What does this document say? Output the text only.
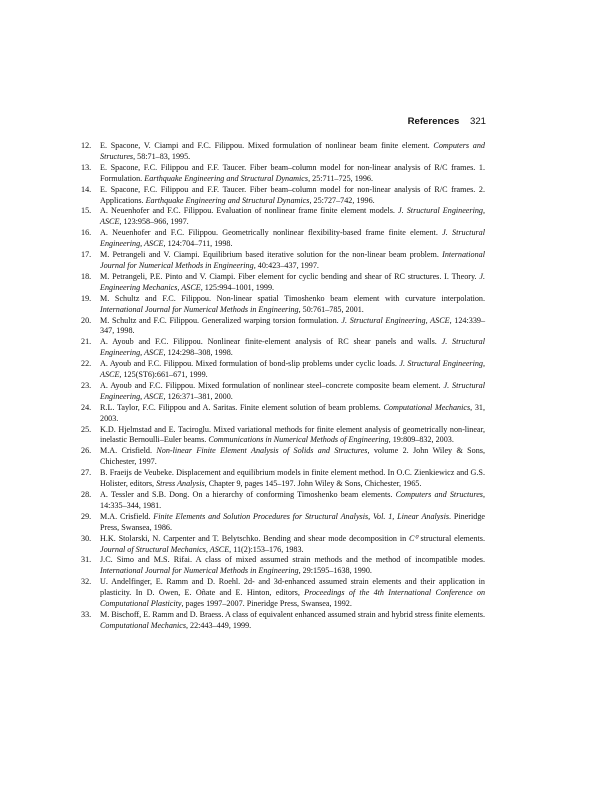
References 321
12.	E. Spacone, V. Ciampi and F.C. Filippou. Mixed formulation of nonlinear beam finite element. Computers and Structures, 58:71–83, 1995.
13.	E. Spacone, F.C. Filippou and F.F. Taucer. Fiber beam–column model for non-linear analysis of R/C frames. 1. Formulation. Earthquake Engineering and Structural Dynamics, 25:711–725, 1996.
14.	E. Spacone, F.C. Filippou and F.F. Taucer. Fiber beam–column model for non-linear analysis of R/C frames. 2. Applications. Earthquake Engineering and Structural Dynamics, 25:727–742, 1996.
15.	A. Neuenhofer and F.C. Filippou. Evaluation of nonlinear frame finite element models. J. Structural Engineering, ASCE, 123:958–966, 1997.
16.	A. Neuenhofer and F.C. Filippou. Geometrically nonlinear flexibility-based frame finite element. J. Structural Engineering, ASCE, 124:704–711, 1998.
17.	M. Petrangeli and V. Ciampi. Equilibrium based iterative solution for the non-linear beam problem. International Journal for Numerical Methods in Engineering, 40:423–437, 1997.
18.	M. Petrangeli, P.E. Pinto and V. Ciampi. Fiber element for cyclic bending and shear of RC structures. I. Theory. J. Engineering Mechanics, ASCE, 125:994–1001, 1999.
19.	M. Schultz and F.C. Filippou. Non-linear spatial Timoshenko beam element with curvature interpolation. International Journal for Numerical Methods in Engineering, 50:761–785, 2001.
20.	M. Schultz and F.C. Filippou. Generalized warping torsion formulation. J. Structural Engineering, ASCE, 124:339–347, 1998.
21.	A. Ayoub and F.C. Filippou. Nonlinear finite-element analysis of RC shear panels and walls. J. Structural Engineering, ASCE, 124:298–308, 1998.
22.	A. Ayoub and F.C. Filippou. Mixed formulation of bond-slip problems under cyclic loads. J. Structural Engineering, ASCE, 125(ST6):661–671, 1999.
23.	A. Ayoub and F.C. Filippou. Mixed formulation of nonlinear steel–concrete composite beam element. J. Structural Engineering, ASCE, 126:371–381, 2000.
24.	R.L. Taylor, F.C. Filippou and A. Saritas. Finite element solution of beam problems. Computational Mechanics, 31, 2003.
25.	K.D. Hjelmstad and E. Taciroglu. Mixed variational methods for finite element analysis of geometrically non-linear, inelastic Bernoulli–Euler beams. Communications in Numerical Methods of Engineering, 19:809–832, 2003.
26.	M.A. Crisfield. Non-linear Finite Element Analysis of Solids and Structures, volume 2. John Wiley & Sons, Chichester, 1997.
27.	B. Fraeijs de Veubeke. Displacement and equilibrium models in finite element method. In O.C. Zienkiewicz and G.S. Holister, editors, Stress Analysis, Chapter 9, pages 145–197. John Wiley & Sons, Chichester, 1965.
28.	A. Tessler and S.B. Dong. On a hierarchy of conforming Timoshenko beam elements. Computers and Structures, 14:335–344, 1981.
29.	M.A. Crisfield. Finite Elements and Solution Procedures for Structural Analysis, Vol. 1, Linear Analysis. Pineridge Press, Swansea, 1986.
30.	H.K. Stolarski, N. Carpenter and T. Belytschko. Bending and shear mode decomposition in C⁰ structural elements. Journal of Structural Mechanics, ASCE, 11(2):153–176, 1983.
31.	J.C. Simo and M.S. Rifai. A class of mixed assumed strain methods and the method of incompatible modes. International Journal for Numerical Methods in Engineering, 29:1595–1638, 1990.
32.	U. Andelfinger, E. Ramm and D. Roehl. 2d- and 3d-enhanced assumed strain elements and their application in plasticity. In D. Owen, E. Oñate and E. Hinton, editors, Proceedings of the 4th International Conference on Computational Plasticity, pages 1997–2007. Pineridge Press, Swansea, 1992.
33.	M. Bischoff, E. Ramm and D. Braess. A class of equivalent enhanced assumed strain and hybrid stress finite elements. Computational Mechanics, 22:443–449, 1999.
